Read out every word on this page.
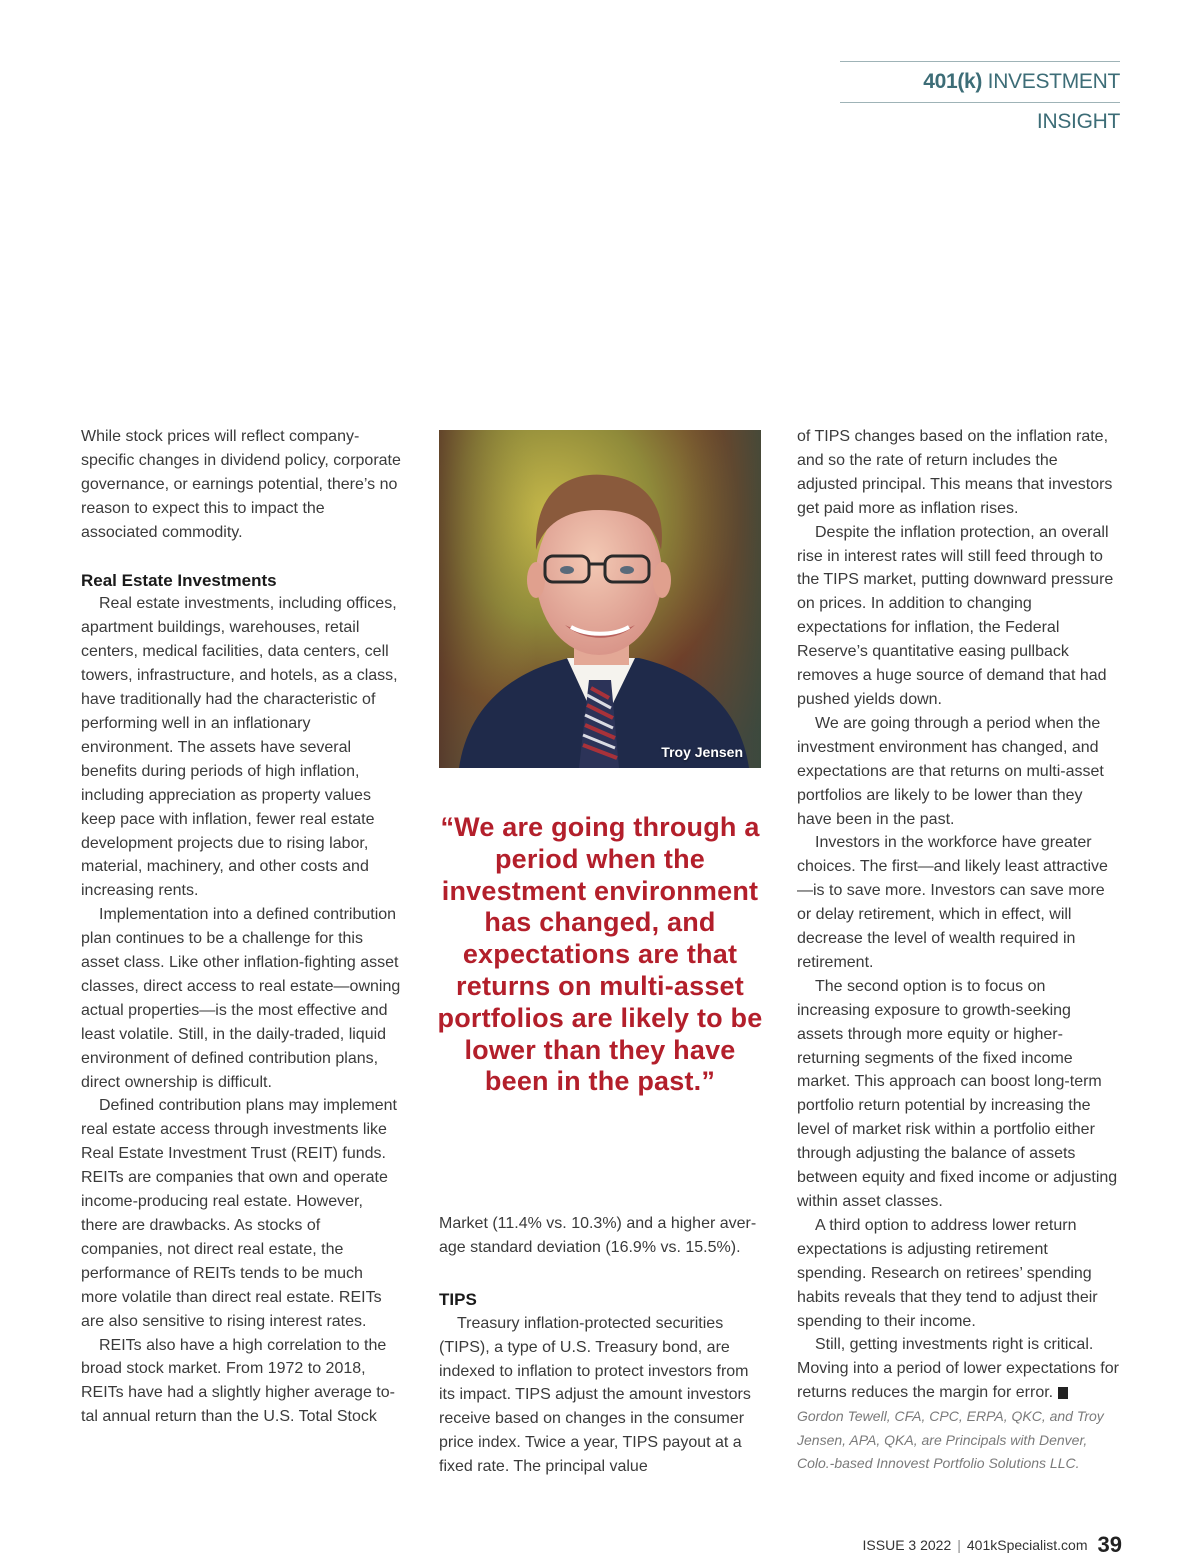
401(k) INVESTMENT INSIGHT

While stock prices will reflect company-specific changes in dividend policy, corporate governance, or earnings potential, there’s no reason to expect this to impact the associated commodity.

Real Estate Investments

Real estate investments, including offices, apartment buildings, warehouses, retail centers, medical facilities, data centers, cell towers, infrastructure, and hotels, as a class, have traditionally had the characteristic of performing well in an inflationary environment. The assets have several benefits during periods of high inflation, including appreciation as property values keep pace with inflation, fewer real estate development projects due to rising labor, material, machinery, and other costs and increasing rents.

Implementation into a defined contribution plan continues to be a challenge for this asset class. Like other inflation-fighting asset classes, direct access to real estate—owning actual properties—is the most effective and least volatile. Still, in the daily-traded, liquid environment of defined contribution plans, direct ownership is difficult.

Defined contribution plans may implement real estate access through investments like Real Estate Investment Trust (REIT) funds. REITs are companies that own and operate income-producing real estate. However, there are drawbacks. As stocks of companies, not direct real estate, the performance of REITs tends to be much more volatile than direct real estate. REITs are also sensitive to rising interest rates.

REITs also have a high correlation to the broad stock market. From 1972 to 2018, REITs have had a slightly higher average total annual return than the U.S. Total Stock

Troy Jensen
“We are going through a period when the investment environment has changed, and expectations are that returns on multi-asset portfolios are likely to be lower than they have been in the past.”

Market (11.4% vs. 10.3%) and a higher average standard deviation (16.9% vs. 15.5%).

TIPS

Treasury inflation-protected securities (TIPS), a type of U.S. Treasury bond, are indexed to inflation to protect investors from its impact. TIPS adjust the amount investors receive based on changes in the consumer price index. Twice a year, TIPS payout at a fixed rate. The principal value

of TIPS changes based on the inflation rate, and so the rate of return includes the adjusted principal. This means that investors get paid more as inflation rises.

Despite the inflation protection, an overall rise in interest rates will still feed through to the TIPS market, putting downward pressure on prices. In addition to changing expectations for inflation, the Federal Reserve’s quantitative easing pullback removes a huge source of demand that had pushed yields down.

We are going through a period when the investment environment has changed, and expectations are that returns on multi-asset portfolios are likely to be lower than they have been in the past.

Investors in the workforce have greater choices. The first—and likely least attractive—is to save more. Investors can save more or delay retirement, which in effect, will decrease the level of wealth required in retirement.

The second option is to focus on increasing exposure to growth-seeking assets through more equity or higher-returning segments of the fixed income market. This approach can boost long-term portfolio return potential by increasing the level of market risk within a portfolio either through adjusting the balance of assets between equity and fixed income or adjusting within asset classes.

A third option to address lower return expectations is adjusting retirement spending. Research on retirees’ spending habits reveals that they tend to adjust their spending to their income.

Still, getting investments right is critical. Moving into a period of lower expectations for returns reduces the margin for error. K

Gordon Tewell, CFA, CPC, ERPA, QKC, and Troy Jensen, APA, QKA, are Principals with Denver, Colo.-based Innovest Portfolio Solutions LLC.

ISSUE 3 2022 | 401kSpecialist.com 39
